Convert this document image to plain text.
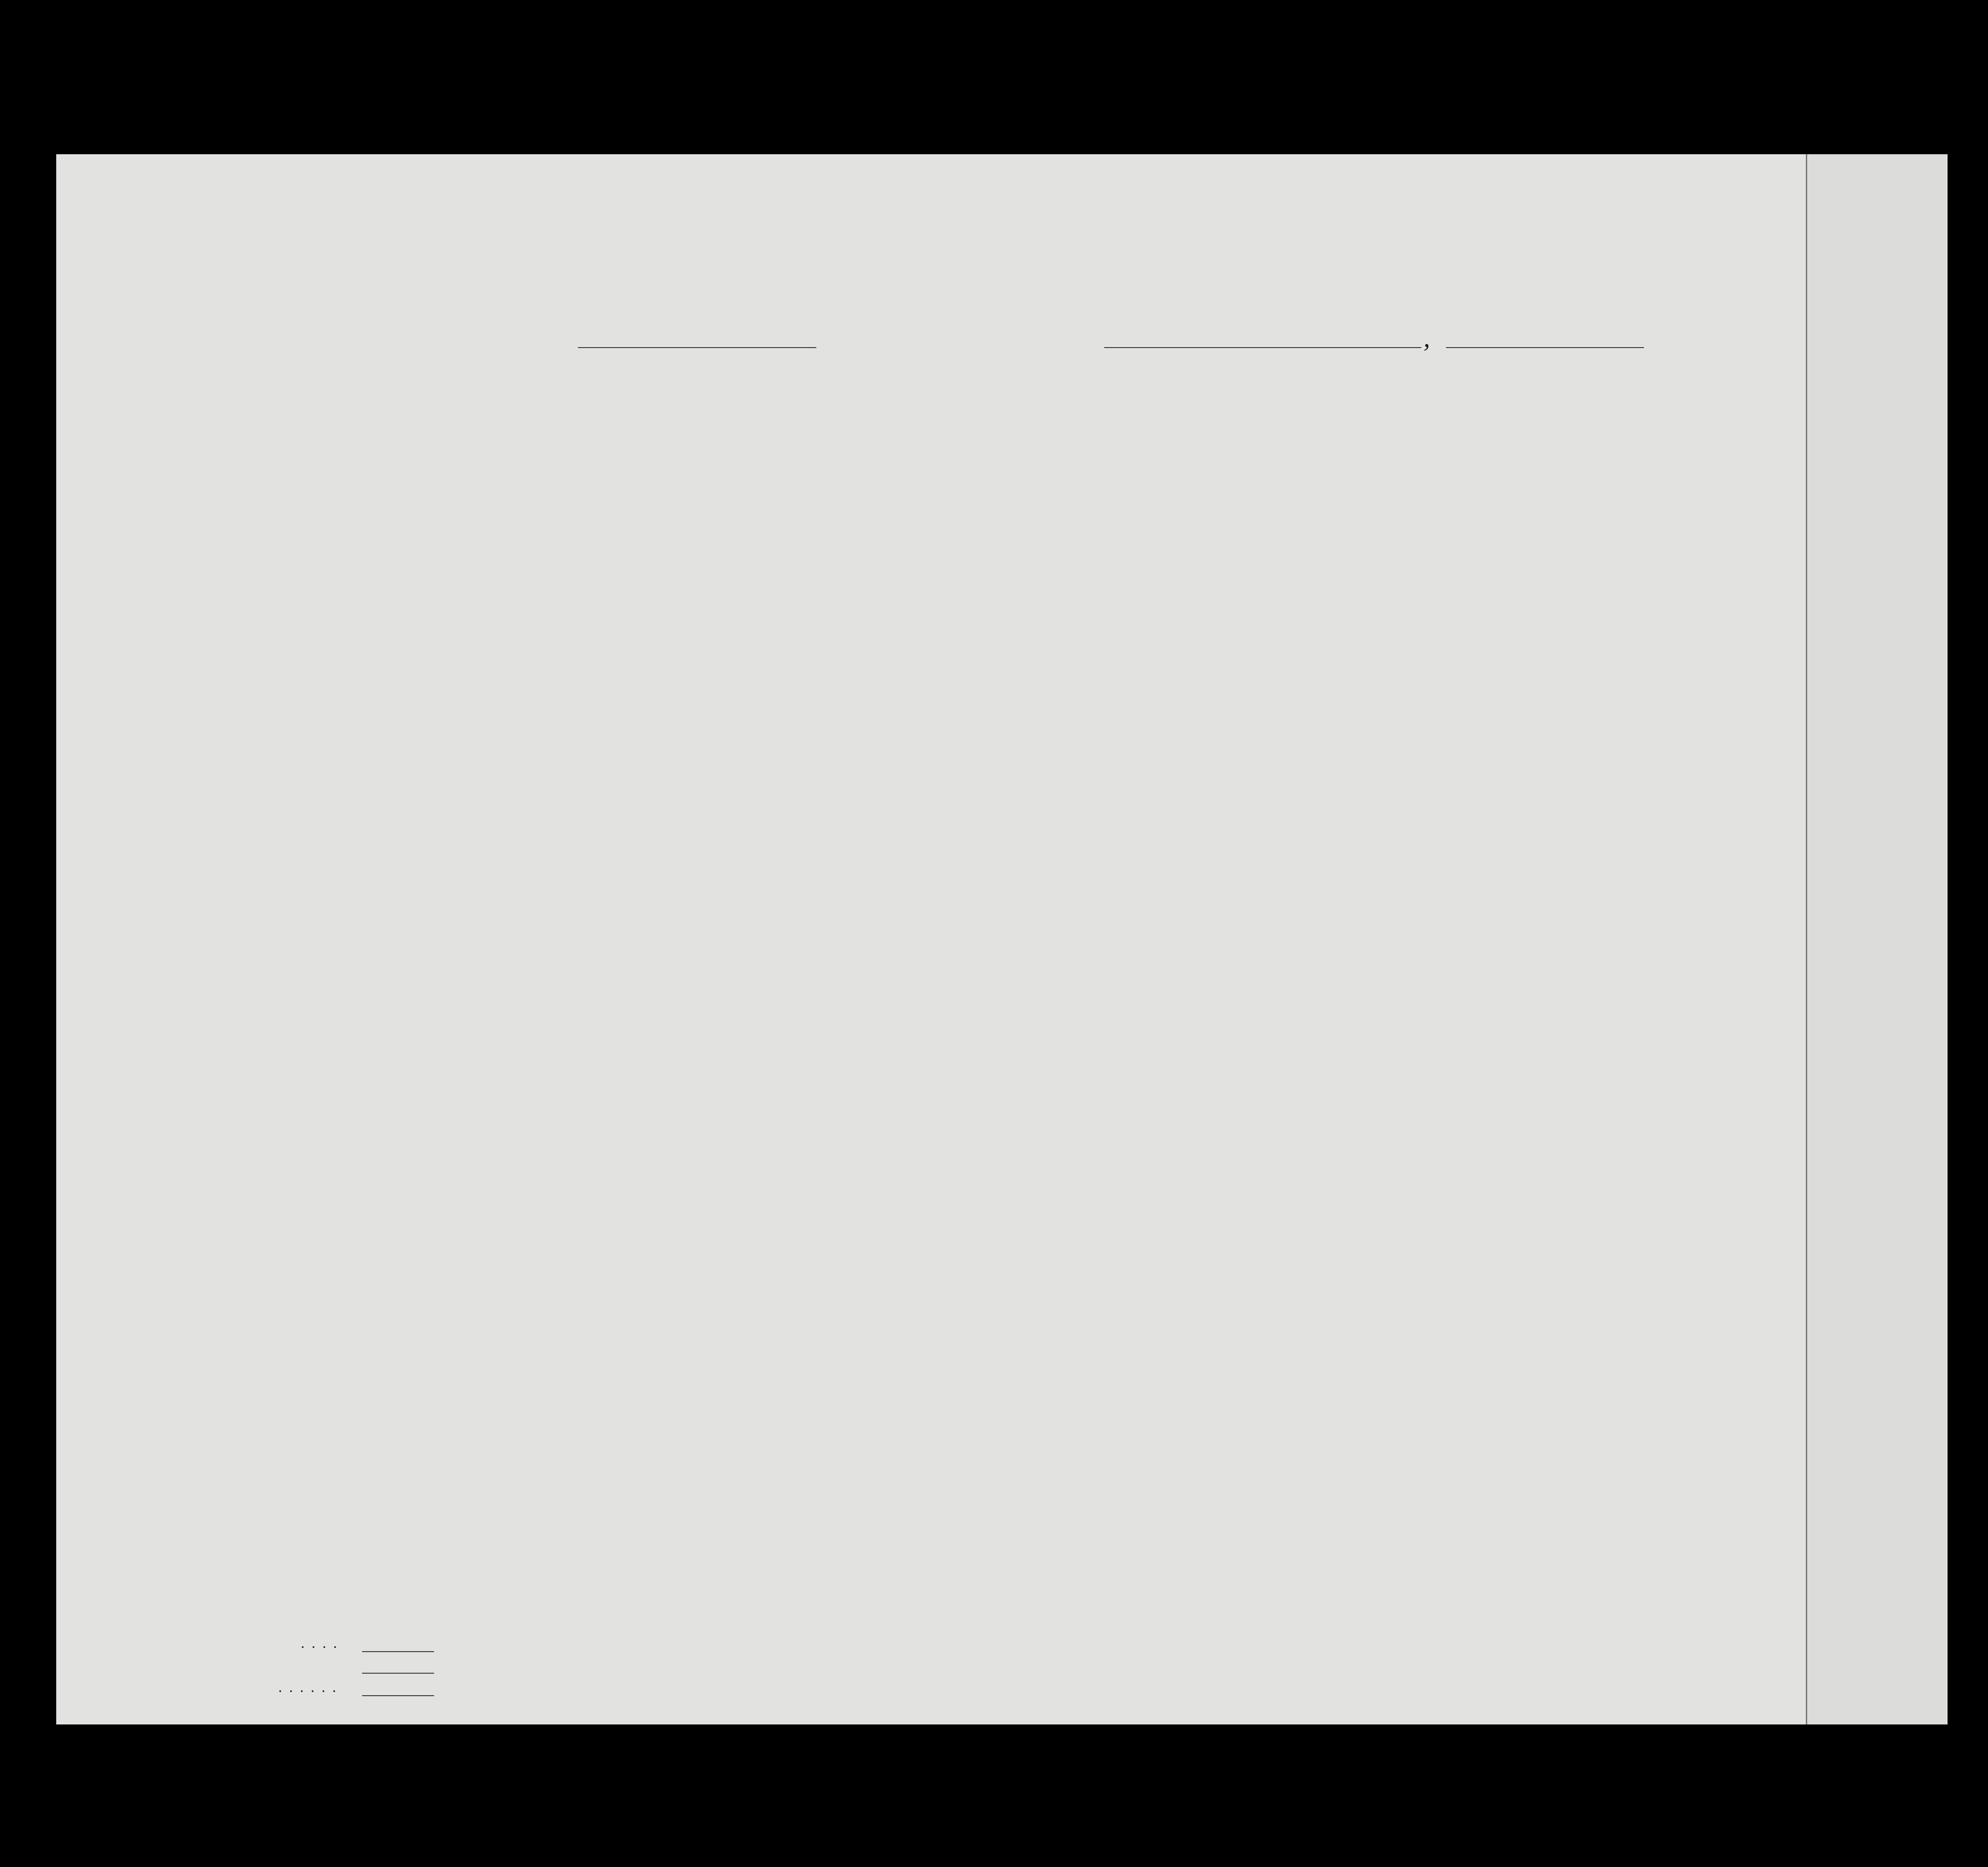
,
. . . .
. . . . . .
